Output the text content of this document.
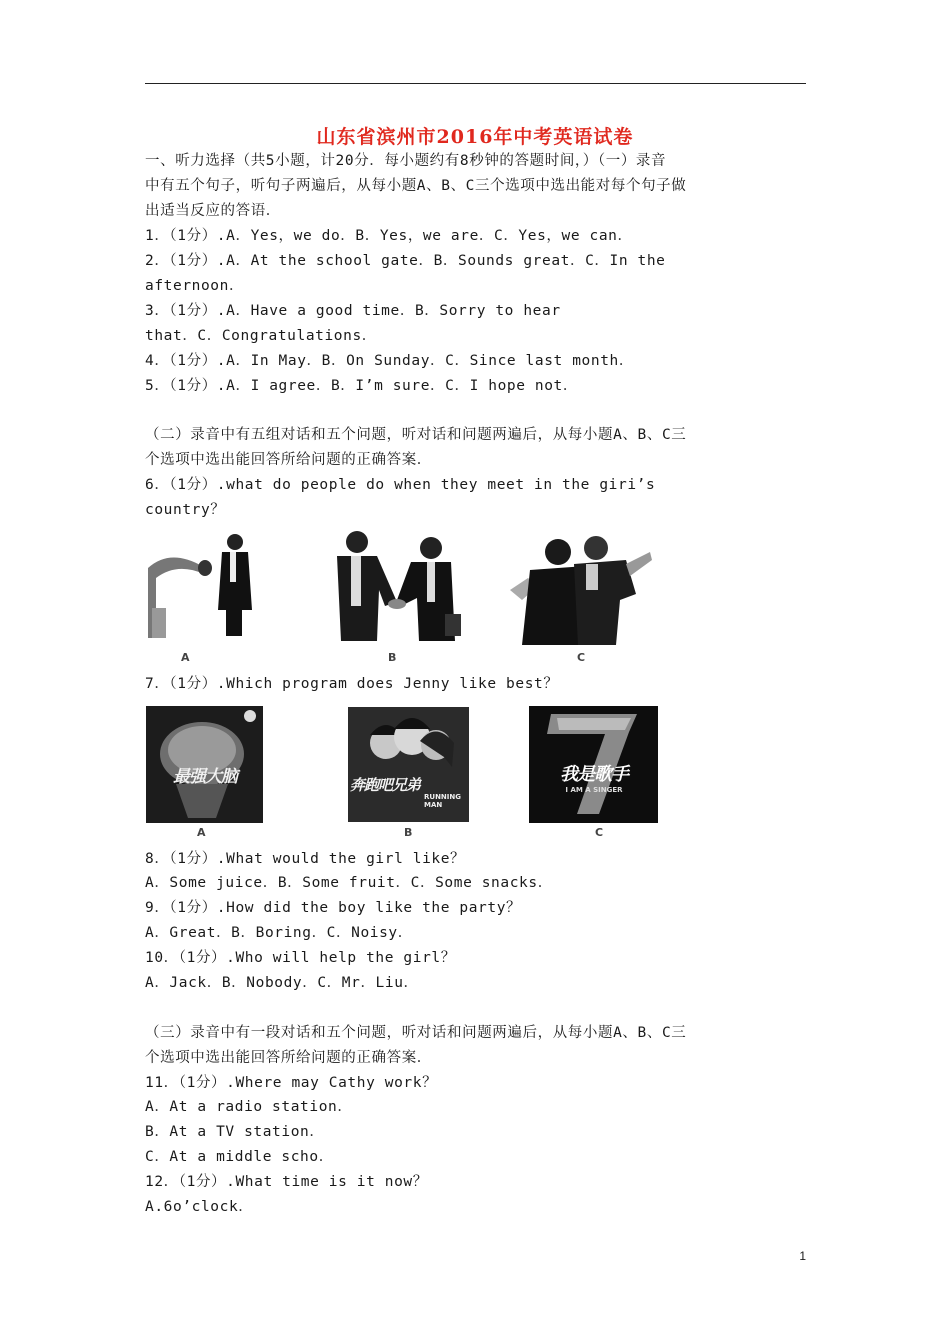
山东省滨州市2016年中考英语试卷
一、听力选择（共5小题，计20分．每小题约有8秒钟的答题时间，）（一）录音
中有五个句子，听句子两遍后，从每小题A、B、C三个选项中选出能对每个句子做
出适当反应的答语．
1．（1分）.A．Yes，we do．B．Yes，we are．C．Yes，we can．
2．（1分）.A．At the school gate．B．Sounds great．C．In the
afternoon．
3．（1分）.A．Have a good time．B．Sorry to hear
that．C．Congratulations．
4．（1分）.A．In May．B．On Sunday．C．Since last month．
5．（1分）.A．I agree．B．I’m sure．C．I hope not．
（二）录音中有五组对话和五个问题，听对话和问题两遍后，从每小题A、B、C三
个选项中选出能回答所给问题的正确答案．
6．（1分）.what do people do when they meet in the giri’s
country？
A	B	C
7．（1分）.Which program does Jenny like best？
最强大脑
A
奔跑吧兄弟
RUNNING MAN
B
我是歌手
I AM A SINGER
C
8．（1分）.What would the girl like？
A．Some juice．B．Some fruit．C．Some snacks．
9．（1分）.How did the boy like the party？
A．Great．B．Boring．C．Noisy．
10．（1分）.Who will help the girl？
A．Jack．B．Nobody．C．Mr．Liu．
（三）录音中有一段对话和五个问题，听对话和问题两遍后，从每小题A、B、C三
个选项中选出能回答所给问题的正确答案．
11．（1分）.Where may Cathy work？
A．At a radio station．
B．At a TV station．
C．At a middle scho．
12．（1分）.What time is it now？
A.6o’clock．
1
